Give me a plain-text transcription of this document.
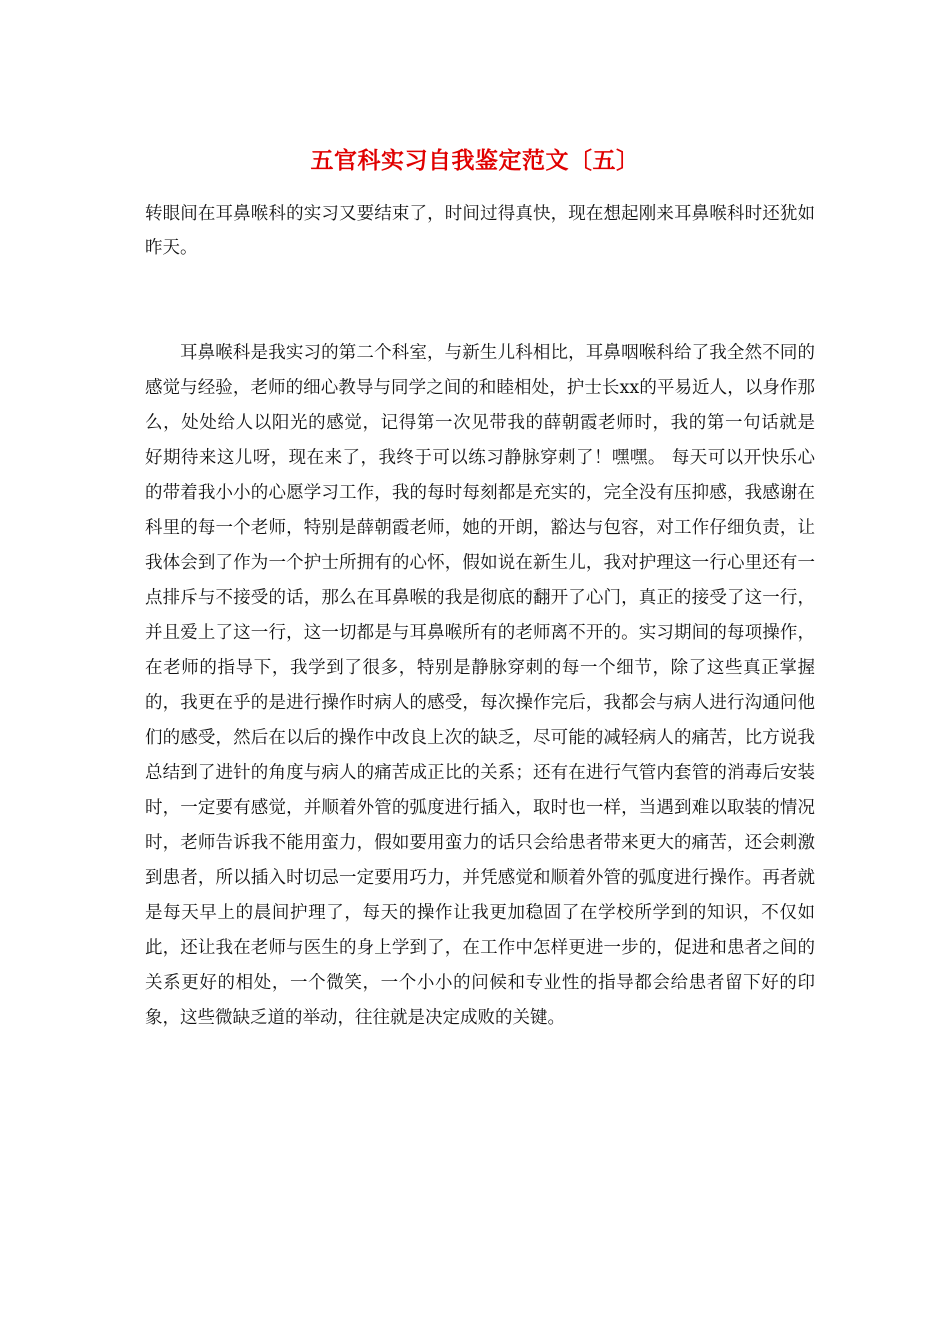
五官科实习自我鉴定范文〔五〕

转眼间在耳鼻喉科的实习又要结束了，时间过得真快，现在想起刚来耳鼻喉科时还犹如昨天。

耳鼻喉科是我实习的第二个科室，与新生儿科相比，耳鼻咽喉科给了我全然不同的感觉与经验，老师的细心教导与同学之间的和睦相处，护士长xx的平易近人，以身作那么，处处给人以阳光的感觉，记得第一次见带我的薛朝霞老师时，我的第一句话就是 好期待来这儿呀，现在来了，我终于可以练习静脉穿刺了！嘿嘿。 每天可以开快乐心的带着我小小的心愿学习工作，我的每时每刻都是充实的，完全没有压抑感，我感谢在科里的每一个老师，特别是薛朝霞老师，她的开朗，豁达与包容，对工作仔细负责，让我体会到了作为一个护士所拥有的心怀，假如说在新生儿，我对护理这一行心里还有一点排斥与不接受的话，那么在耳鼻喉的我是彻底的翻开了心门，真正的接受了这一行，并且爱上了这一行，这一切都是与耳鼻喉所有的老师离不开的。实习期间的每项操作，在老师的指导下，我学到了很多，特别是静脉穿刺的每一个细节，除了这些真正掌握的，我更在乎的是进行操作时病人的感受，每次操作完后，我都会与病人进行沟通问他们的感受，然后在以后的操作中改良上次的缺乏，尽可能的减轻病人的痛苦，比方说我总结到了进针的角度与病人的痛苦成正比的关系；还有在进行气管内套管的消毒后安装时，一定要有感觉，并顺着外管的弧度进行插入，取时也一样，当遇到难以取装的情况时，老师告诉我不能用蛮力，假如要用蛮力的话只会给患者带来更大的痛苦，还会刺激到患者，所以插入时切忌一定要用巧力，并凭感觉和顺着外管的弧度进行操作。再者就是每天早上的晨间护理了，每天的操作让我更加稳固了在学校所学到的知识，不仅如此，还让我在老师与医生的身上学到了，在工作中怎样更进一步的，促进和患者之间的关系更好的相处，一个微笑，一个小小的问候和专业性的指导都会给患者留下好的印象，这些微缺乏道的举动，往往就是决定成败的关键。
